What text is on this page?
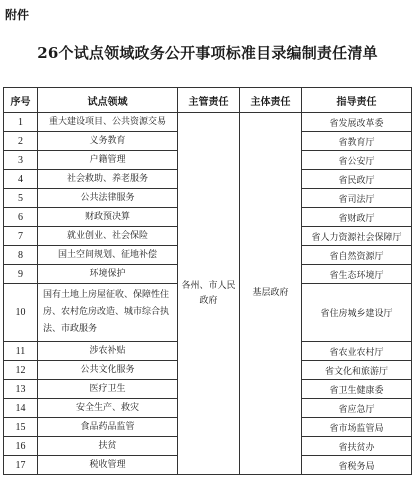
附件
26个试点领域政务公开事项标准目录编制责任清单
序号	试点领域	主管责任	主体责任	指导责任
1	重大建设项目、公共资源交易	各州、市人民政府	基层政府	省发展改革委
2	义务教育			省教育厅
3	户籍管理			省公安厅
4	社会救助、养老服务			省民政厅
5	公共法律服务			省司法厅
6	财政预决算			省财政厅
7	就业创业、社会保险			省人力资源社会保障厅
8	国土空间规划、征地补偿			省自然资源厅
9	环境保护			省生态环境厅
10	国有土地上房屋征收、保障性住房、农村危房改造、城市综合执法、市政服务			省住房城乡建设厅
11	涉农补贴			省农业农村厅
12	公共文化服务			省文化和旅游厅
13	医疗卫生			省卫生健康委
14	安全生产、救灾			省应急厅
15	食品药品监管			省市场监管局
16	扶贫			省扶贫办
17	税收管理			省税务局
